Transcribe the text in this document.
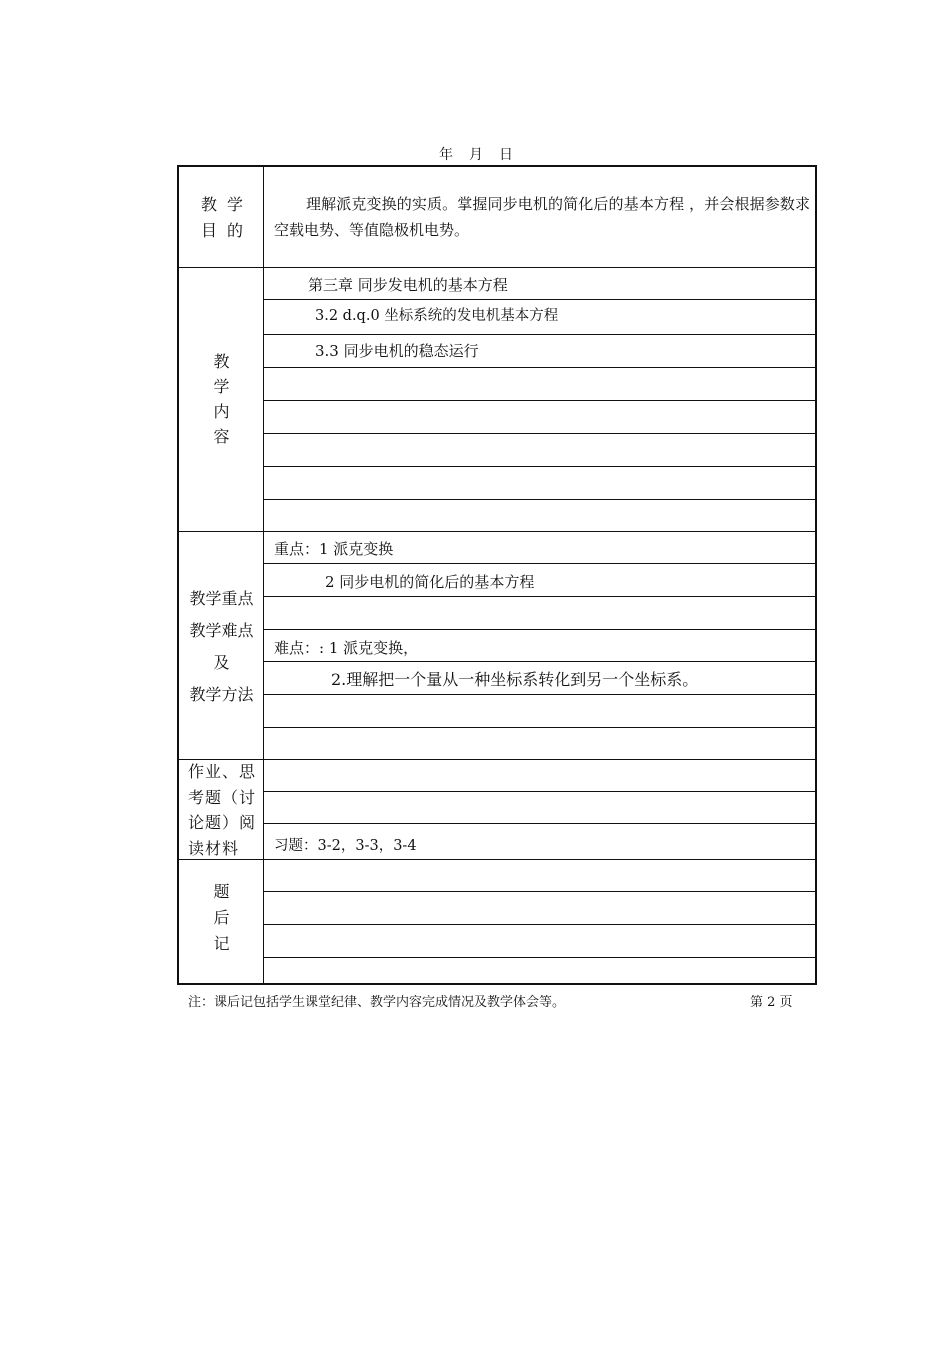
年 月 日
教学
目的
理解派克变换的实质。掌握同步电机的简化后的基本方程 ，并会根据参数求空载电势、等值隐极机电势。
教
学
内
容
第三章 同步发电机的基本方程
3.2 d.q.0 坐标系统的发电机基本方程
3.3 同步电机的稳态运行
教学重点
教学难点
及
教学方法
重点：1 派克变换
2 同步电机的简化后的基本方程
难点：: 1 派克变换，
2.理解把一个量从一种坐标系转化到另一个坐标系。
作业、思考题（讨论题）阅读材料	习题：3-2，3-3，3-4
题
后
记
注：课后记包括学生课堂纪律、教学内容完成情况及教学体会等。	第 2 页
